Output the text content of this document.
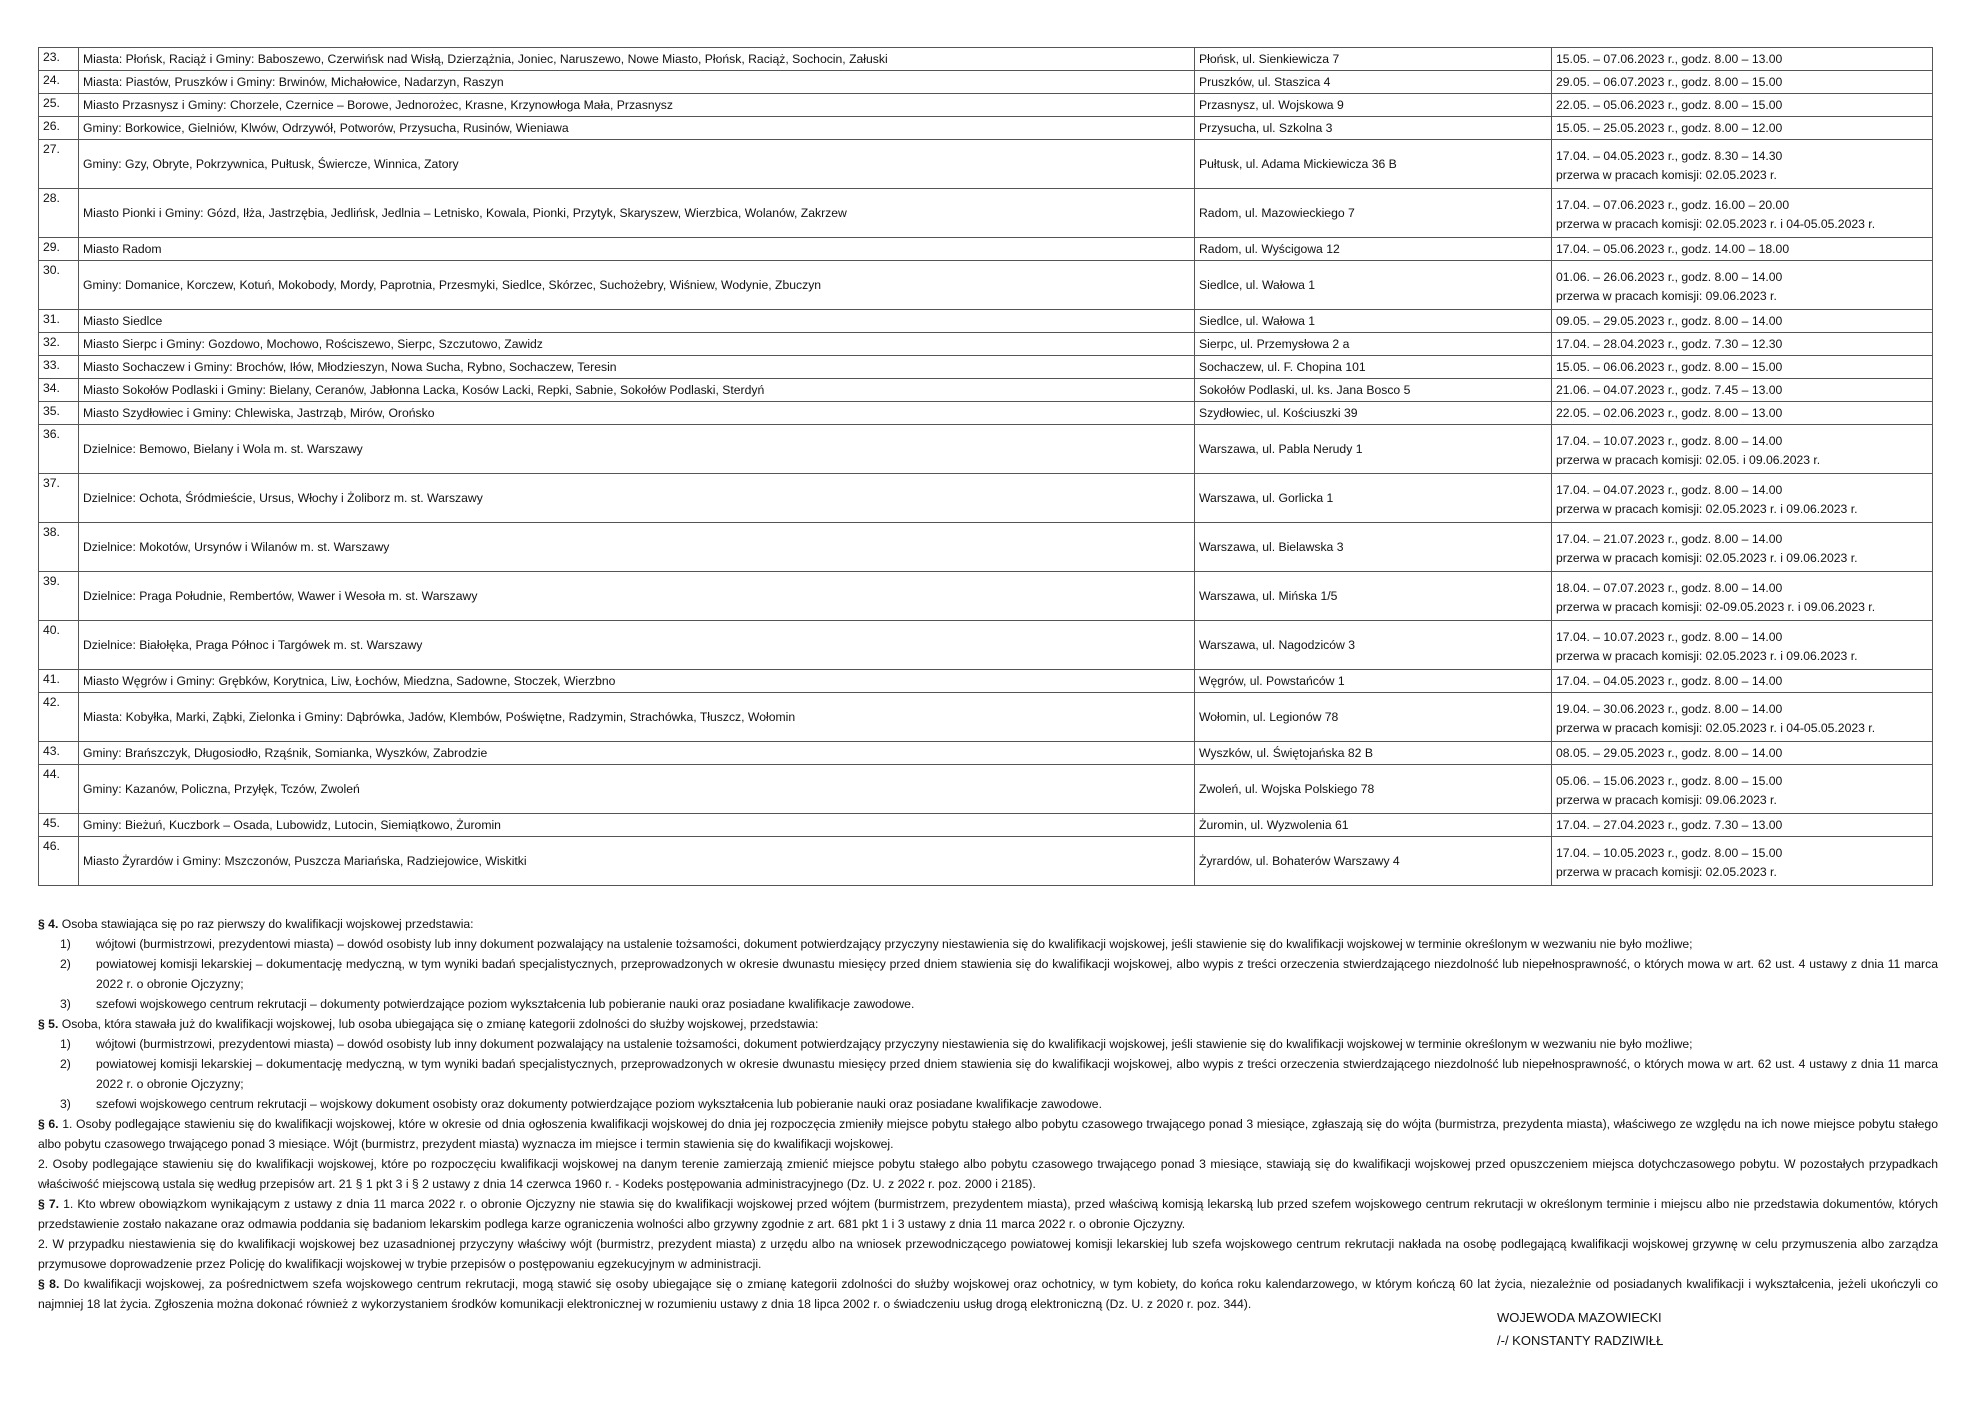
23.	Miasta: Płońsk, Raciąż i Gminy: Baboszewo, Czerwińsk nad Wisłą, Dzierzążnia, Joniec, Naruszewo, Nowe Miasto, Płońsk, Raciąż, Sochocin, Załuski	Płońsk, ul. Sienkiewicza 7	15.05. – 07.06.2023 r., godz. 8.00 – 13.00

24.	Miasta: Piastów, Pruszków i Gminy: Brwinów, Michałowice, Nadarzyn, Raszyn	Pruszków, ul. Staszica 4	29.05. – 06.07.2023 r., godz. 8.00 – 15.00

25.	Miasto Przasnysz i Gminy: Chorzele, Czernice – Borowe, Jednorożec, Krasne, Krzynowłoga Mała, Przasnysz	Przasnysz, ul. Wojskowa 9	22.05. – 05.06.2023 r., godz. 8.00 – 15.00

26.	Gminy: Borkowice, Gielniów, Klwów, Odrzywół, Potworów, Przysucha, Rusinów, Wieniawa	Przysucha, ul. Szkolna 3	15.05. – 25.05.2023 r., godz. 8.00 – 12.00

27.	Gminy: Gzy, Obryte, Pokrzywnica, Pułtusk, Świercze, Winnica, Zatory	Pułtusk, ul. Adama Mickiewicza 36 B	17.04. – 04.05.2023 r., godz. 8.30 – 14.30
przerwa w pracach komisji: 02.05.2023 r.

28.	Miasto Pionki i Gminy: Gózd, Iłża, Jastrzębia, Jedlińsk, Jedlnia – Letnisko, Kowala, Pionki, Przytyk, Skaryszew, Wierzbica, Wolanów, Zakrzew	Radom, ul. Mazowieckiego 7	17.04. – 07.06.2023 r., godz. 16.00 – 20.00
przerwa w pracach komisji: 02.05.2023 r. i 04-05.05.2023 r.

29.	Miasto Radom	Radom, ul. Wyścigowa 12	17.04. – 05.06.2023 r., godz. 14.00 – 18.00

30.	Gminy: Domanice, Korczew, Kotuń, Mokobody, Mordy, Paprotnia, Przesmyki, Siedlce, Skórzec, Suchożebry, Wiśniew, Wodynie, Zbuczyn	Siedlce, ul. Wałowa 1	01.06. – 26.06.2023 r., godz. 8.00 – 14.00
przerwa w pracach komisji: 09.06.2023 r.

31.	Miasto Siedlce	Siedlce, ul. Wałowa 1	09.05. – 29.05.2023 r., godz. 8.00 – 14.00

32.	Miasto Sierpc i Gminy: Gozdowo, Mochowo, Rościszewo, Sierpc, Szczutowo, Zawidz	Sierpc, ul. Przemysłowa 2 a	17.04. – 28.04.2023 r., godz. 7.30 – 12.30

33.	Miasto Sochaczew i Gminy: Brochów, Iłów, Młodzieszyn, Nowa Sucha, Rybno, Sochaczew, Teresin	Sochaczew, ul. F. Chopina 101	15.05. – 06.06.2023 r., godz. 8.00 – 15.00

34.	Miasto Sokołów Podlaski i Gminy: Bielany, Ceranów, Jabłonna Lacka, Kosów Lacki, Repki, Sabnie, Sokołów Podlaski, Sterdyń	Sokołów Podlaski, ul. ks. Jana Bosco 5	21.06. – 04.07.2023 r., godz. 7.45 – 13.00

35.	Miasto Szydłowiec i Gminy: Chlewiska, Jastrząb, Mirów, Orońsko	Szydłowiec, ul. Kościuszki 39	22.05. – 02.06.2023 r., godz. 8.00 – 13.00

36.	Dzielnice: Bemowo, Bielany i Wola m. st. Warszawy	Warszawa, ul. Pabla Nerudy 1	17.04. – 10.07.2023 r., godz. 8.00 – 14.00
przerwa w pracach komisji: 02.05. i 09.06.2023 r.

37.	Dzielnice: Ochota, Śródmieście, Ursus, Włochy i Żoliborz m. st. Warszawy	Warszawa, ul. Gorlicka 1	17.04. – 04.07.2023 r., godz. 8.00 – 14.00
przerwa w pracach komisji: 02.05.2023 r. i 09.06.2023 r.

38.	Dzielnice: Mokotów, Ursynów i Wilanów m. st. Warszawy	Warszawa, ul. Bielawska 3	17.04. – 21.07.2023 r., godz. 8.00 – 14.00
przerwa w pracach komisji: 02.05.2023 r. i 09.06.2023 r.

39.	Dzielnice: Praga Południe, Rembertów, Wawer i Wesoła m. st. Warszawy	Warszawa, ul. Mińska 1/5	18.04. – 07.07.2023 r., godz. 8.00 – 14.00
przerwa w pracach komisji: 02-09.05.2023 r. i 09.06.2023 r.

40.	Dzielnice: Białołęka, Praga Północ i Targówek m. st. Warszawy	Warszawa, ul. Nagodziców 3	17.04. – 10.07.2023 r., godz. 8.00 – 14.00
przerwa w pracach komisji: 02.05.2023 r. i 09.06.2023 r.

41.	Miasto Węgrów i Gminy: Grębków, Korytnica, Liw, Łochów, Miedzna, Sadowne, Stoczek, Wierzbno	Węgrów, ul. Powstańców 1	17.04. – 04.05.2023 r., godz. 8.00 – 14.00

42.	Miasta: Kobyłka, Marki, Ząbki, Zielonka i Gminy: Dąbrówka, Jadów, Klembów, Poświętne, Radzymin, Strachówka, Tłuszcz, Wołomin	Wołomin, ul. Legionów 78	19.04. – 30.06.2023 r., godz. 8.00 – 14.00
przerwa w pracach komisji: 02.05.2023 r. i 04-05.05.2023 r.

43.	Gminy: Brańszczyk, Długosiodło, Rząśnik, Somianka, Wyszków, Zabrodzie	Wyszków, ul. Świętojańska 82 B	08.05. – 29.05.2023 r., godz. 8.00 – 14.00

44.	Gminy: Kazanów, Policzna, Przyłęk, Tczów, Zwoleń	Zwoleń, ul. Wojska Polskiego 78	05.06. – 15.06.2023 r., godz. 8.00 – 15.00
przerwa w pracach komisji: 09.06.2023 r.

45.	Gminy: Bieżuń, Kuczbork – Osada, Lubowidz, Lutocin, Siemiątkowo, Żuromin	Żuromin, ul. Wyzwolenia 61	17.04. – 27.04.2023 r., godz. 7.30 – 13.00

46.	Miasto Żyrardów i Gminy: Mszczonów, Puszcza Mariańska, Radziejowice, Wiskitki	Żyrardów, ul. Bohaterów Warszawy 4	17.04. – 10.05.2023 r., godz. 8.00 – 15.00
przerwa w pracach komisji: 02.05.2023 r.

§ 4. Osoba stawiająca się po raz pierwszy do kwalifikacji wojskowej przedstawia:

1) wójtowi (burmistrzowi, prezydentowi miasta) – dowód osobisty lub inny dokument pozwalający na ustalenie tożsamości, dokument potwierdzający przyczyny niestawienia się do kwalifikacji wojskowej, jeśli stawienie się do kwalifikacji wojskowej w terminie określonym w wezwaniu nie było możliwe;

2) powiatowej komisji lekarskiej – dokumentację medyczną, w tym wyniki badań specjalistycznych, przeprowadzonych w okresie dwunastu miesięcy przed dniem stawienia się do kwalifikacji wojskowej, albo wypis z treści orzeczenia stwierdzającego niezdolność lub niepełnosprawność, o których mowa w art. 62 ust. 4 ustawy z dnia 11 marca 2022 r. o obronie Ojczyzny;

3) szefowi wojskowego centrum rekrutacji – dokumenty potwierdzające poziom wykształcenia lub pobieranie nauki oraz posiadane kwalifikacje zawodowe.

§ 5. Osoba, która stawała już do kwalifikacji wojskowej, lub osoba ubiegająca się o zmianę kategorii zdolności do służby wojskowej, przedstawia:

1) wójtowi (burmistrzowi, prezydentowi miasta) – dowód osobisty lub inny dokument pozwalający na ustalenie tożsamości, dokument potwierdzający przyczyny niestawienia się do kwalifikacji wojskowej, jeśli stawienie się do kwalifikacji wojskowej w terminie określonym w wezwaniu nie było możliwe;

2) powiatowej komisji lekarskiej – dokumentację medyczną, w tym wyniki badań specjalistycznych, przeprowadzonych w okresie dwunastu miesięcy przed dniem stawienia się do kwalifikacji wojskowej, albo wypis z treści orzeczenia stwierdzającego niezdolność lub niepełnosprawność, o których mowa w art. 62 ust. 4 ustawy z dnia 11 marca 2022 r. o obronie Ojczyzny;

3) szefowi wojskowego centrum rekrutacji – wojskowy dokument osobisty oraz dokumenty potwierdzające poziom wykształcenia lub pobieranie nauki oraz posiadane kwalifikacje zawodowe.

§ 6. 1. Osoby podlegające stawieniu się do kwalifikacji wojskowej, które w okresie od dnia ogłoszenia kwalifikacji wojskowej do dnia jej rozpoczęcia zmieniły miejsce pobytu stałego albo pobytu czasowego trwającego ponad 3 miesiące, zgłaszają się do wójta (burmistrza, prezydenta miasta), właściwego ze względu na ich nowe miejsce pobytu stałego albo pobytu czasowego trwającego ponad 3 miesiące. Wójt (burmistrz, prezydent miasta) wyznacza im miejsce i termin stawienia się do kwalifikacji wojskowej.

2. Osoby podlegające stawieniu się do kwalifikacji wojskowej, które po rozpoczęciu kwalifikacji wojskowej na danym terenie zamierzają zmienić miejsce pobytu stałego albo pobytu czasowego trwającego ponad 3 miesiące, stawiają się do kwalifikacji wojskowej przed opuszczeniem miejsca dotychczasowego pobytu. W pozostałych przypadkach właściwość miejscową ustala się według przepisów art. 21 § 1 pkt 3 i § 2 ustawy z dnia 14 czerwca 1960 r. - Kodeks postępowania administracyjnego (Dz. U. z 2022 r. poz. 2000 i 2185).

§ 7. 1. Kto wbrew obowiązkom wynikającym z ustawy z dnia 11 marca 2022 r. o obronie Ojczyzny nie stawia się do kwalifikacji wojskowej przed wójtem (burmistrzem, prezydentem miasta), przed właściwą komisją lekarską lub przed szefem wojskowego centrum rekrutacji w określonym terminie i miejscu albo nie przedstawia dokumentów, których przedstawienie zostało nakazane oraz odmawia poddania się badaniom lekarskim podlega karze ograniczenia wolności albo grzywny zgodnie z art. 681 pkt 1 i 3 ustawy z dnia 11 marca 2022 r. o obronie Ojczyzny.

2. W przypadku niestawienia się do kwalifikacji wojskowej bez uzasadnionej przyczyny właściwy wójt (burmistrz, prezydent miasta) z urzędu albo na wniosek przewodniczącego powiatowej komisji lekarskiej lub szefa wojskowego centrum rekrutacji nakłada na osobę podlegającą kwalifikacji wojskowej grzywnę w celu przymuszenia albo zarządza przymusowe doprowadzenie przez Policję do kwalifikacji wojskowej w trybie przepisów o postępowaniu egzekucyjnym w administracji.

§ 8. Do kwalifikacji wojskowej, za pośrednictwem szefa wojskowego centrum rekrutacji, mogą stawić się osoby ubiegające się o zmianę kategorii zdolności do służby wojskowej oraz ochotnicy, w tym kobiety, do końca roku kalendarzowego, w którym kończą 60 lat życia, niezależnie od posiadanych kwalifikacji i wykształcenia, jeżeli ukończyli co najmniej 18 lat życia. Zgłoszenia można dokonać również z wykorzystaniem środków komunikacji elektronicznej w rozumieniu ustawy z dnia 18 lipca 2002 r. o świadczeniu usług drogą elektroniczną (Dz. U. z 2020 r. poz. 344).

WOJEWODA MAZOWIECKI
/-/ KONSTANTY RADZIWIŁŁ
